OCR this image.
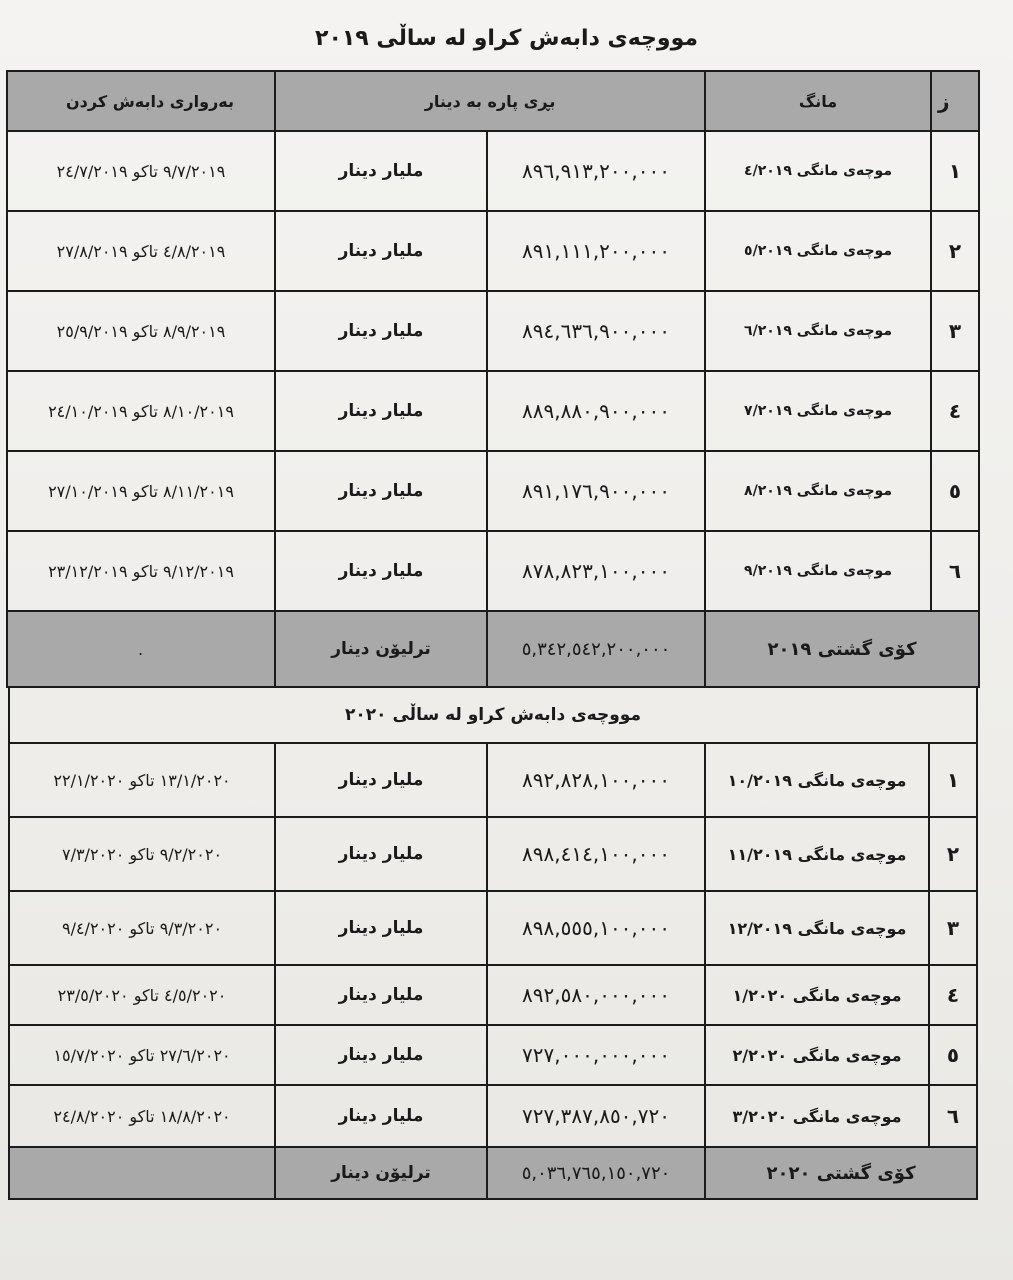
مووچەی دابەش کراو لە ساڵی ٢٠١٩
ز	مانگ	بڕی پارە بە دینار		بەرواری دابەش کردن
١	موچەی مانگی ٤/٢٠١٩	٨٩٦,٩١٣,٢٠٠,٠٠٠	ملیار دینار	٩/٧/٢٠١٩ تاكو ٢٤/٧/٢٠١٩
٢	موچەی مانگی ٥/٢٠١٩	٨٩١,١١١,٢٠٠,٠٠٠	ملیار دینار	٤/٨/٢٠١٩ تاكو ٢٧/٨/٢٠١٩
٣	موچەی مانگی ٦/٢٠١٩	٨٩٤,٦٣٦,٩٠٠,٠٠٠	ملیار دینار	٨/٩/٢٠١٩ تاكو ٢٥/٩/٢٠١٩
٤	موچەی مانگی ٧/٢٠١٩	٨٨٩,٨٨٠,٩٠٠,٠٠٠	ملیار دینار	٨/١٠/٢٠١٩ تاكو ٢٤/١٠/٢٠١٩
٥	موچەی مانگی ٨/٢٠١٩	٨٩١,١٧٦,٩٠٠,٠٠٠	ملیار دینار	٨/١١/٢٠١٩ تاكو ٢٧/١٠/٢٠١٩
٦	موچەی مانگی ٩/٢٠١٩	٨٧٨,٨٢٣,١٠٠,٠٠٠	ملیار دینار	٩/١٢/٢٠١٩ تاكو ٢٣/١٢/٢٠١٩
كۆی گشتی ٢٠١٩		٥,٣٤٢,٥٤٢,٢٠٠,٠٠٠	ترلیۆن دینار	.
مووچەی دابەش کراو لە ساڵی ٢٠٢٠				
١	موچەی مانگی ١٠/٢٠١٩	٨٩٢,٨٢٨,١٠٠,٠٠٠	ملیار دینار	١٣/١/٢٠٢٠ تاكو ٢٢/١/٢٠٢٠
٢	موچەی مانگی ١١/٢٠١٩	٨٩٨,٤١٤,١٠٠,٠٠٠	ملیار دینار	٩/٢/٢٠٢٠ تاكو ٧/٣/٢٠٢٠
٣	موچەی مانگی ١٢/٢٠١٩	٨٩٨,٥٥٥,١٠٠,٠٠٠	ملیار دینار	٩/٣/٢٠٢٠ تاكو ٩/٤/٢٠٢٠
٤	موچەی مانگی ١/٢٠٢٠	٨٩٢,٥٨٠,٠٠٠,٠٠٠	ملیار دینار	٤/٥/٢٠٢٠ تاكو ٢٣/٥/٢٠٢٠
٥	موچەی مانگی ٢/٢٠٢٠	٧٢٧,٠٠٠,٠٠٠,٠٠٠	ملیار دینار	٢٧/٦/٢٠٢٠ تاكو ١٥/٧/٢٠٢٠
٦	موچەی مانگی ٣/٢٠٢٠	٧٢٧,٣٨٧,٨٥٠,٧٢٠	ملیار دینار	١٨/٨/٢٠٢٠ تاكو ٢٤/٨/٢٠٢٠
كۆی گشتی ٢٠٢٠		٥,٠٣٦,٧٦٥,١٥٠,٧٢٠	ترلیۆن دینار	
